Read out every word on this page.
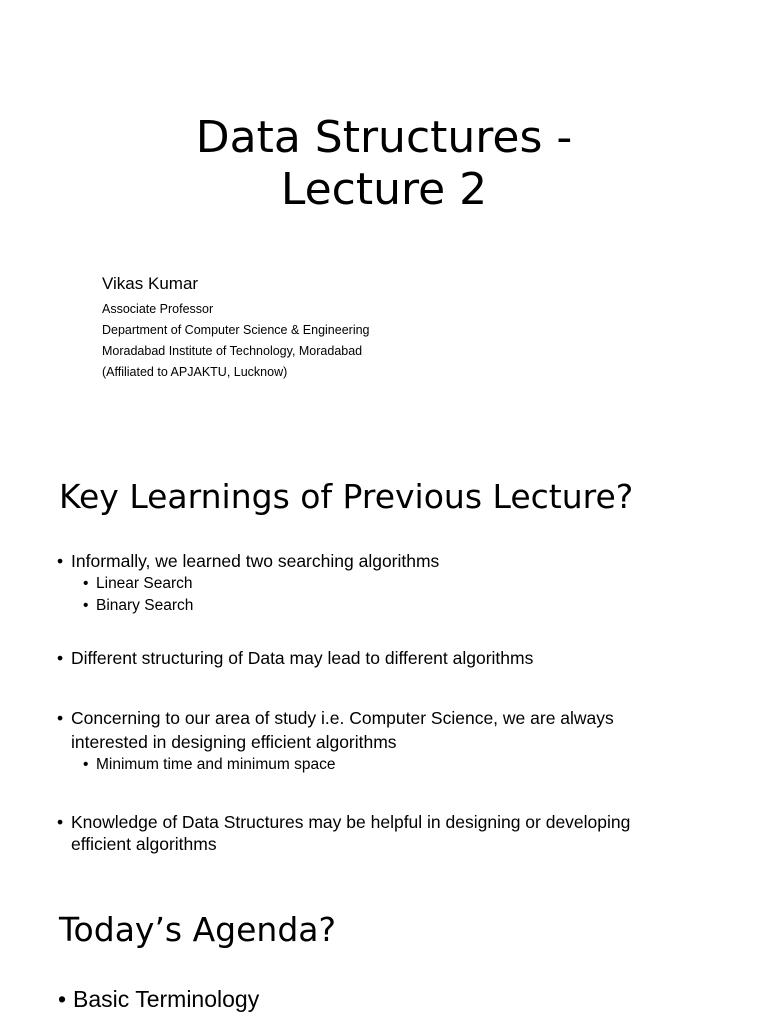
Data Structures -
Lecture 2
Vikas Kumar
Associate Professor
Department of Computer Science & Engineering
Moradabad Institute of Technology, Moradabad
(Affiliated to APJAKTU, Lucknow)
Key Learnings of Previous Lecture?
• Informally, we learned two searching algorithms
• Linear Search
• Binary Search
• Different structuring of Data may lead to different algorithms
• Concerning to our area of study i.e. Computer Science, we are always
interested in designing efficient algorithms
• Minimum time and minimum space
• Knowledge of Data Structures may be helpful in designing or developing
efficient algorithms
Today’s Agenda?
• Basic Terminology
